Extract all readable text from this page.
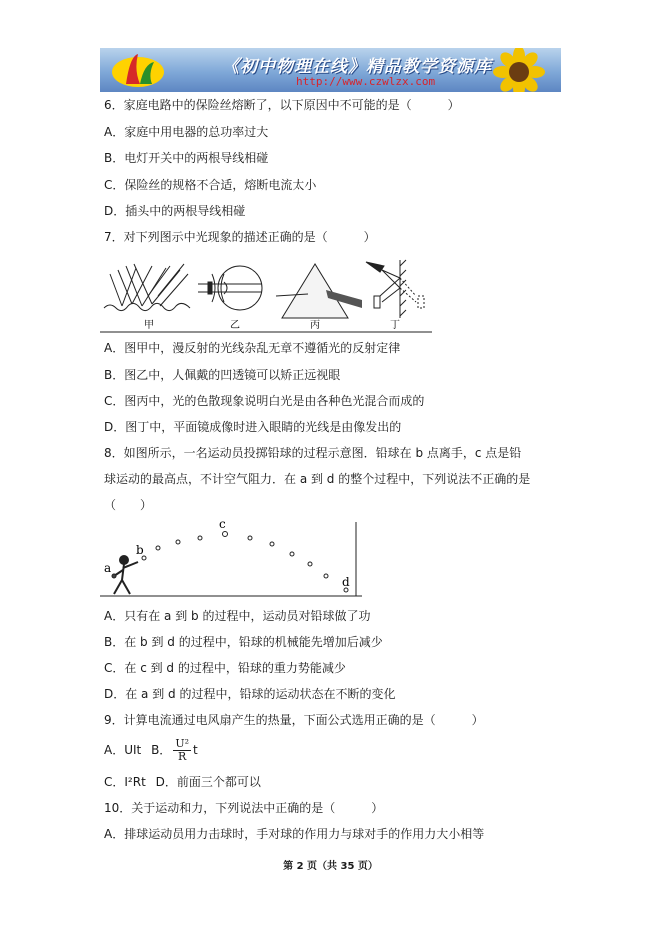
《初中物理在线》精品教学资源库
http://www.czwlzx.com
6．家庭电路中的保险丝熔断了，以下原因中不可能的是（　　　）
A．家庭中用电器的总功率过大
B．电灯开关中的两根导线相碰
C．保险丝的规格不合适，熔断电流太小
D．插头中的两根导线相碰
7．对下列图示中光现象的描述正确的是（　　　）
甲	乙	丙	丁
A．图甲中，漫反射的光线杂乱无章不遵循光的反射定律
B．图乙中，人佩戴的凹透镜可以矫正远视眼
C．图丙中，光的色散现象说明白光是由各种色光混合而成的
D．图丁中，平面镜成像时进入眼睛的光线是由像发出的
8．如图所示，一名运动员投掷铅球的过程示意图．铅球在 b 点离手，c 点是铅
球运动的最高点，不计空气阻力．在 a 到 d 的整个过程中，下列说法不正确的是
（　　）
a
b
c
d
A．只有在 a 到 b 的过程中，运动员对铅球做了功
B．在 b 到 d 的过程中，铅球的机械能先增加后减少
C．在 c 到 d 的过程中，铅球的重力势能减少
D．在 a 到 d 的过程中，铅球的运动状态在不断的变化
9．计算电流通过电风扇产生的热量，下面公式选用正确的是（　　　）
A．UIt B． $\frac{\text{U²}}{R}$ t
C．I²Rt D．前面三个都可以
10．关于运动和力，下列说法中正确的是（　　　）
A．排球运动员用力击球时，手对球的作用力与球对手的作用力大小相等
第 2 页（共 35 页）
